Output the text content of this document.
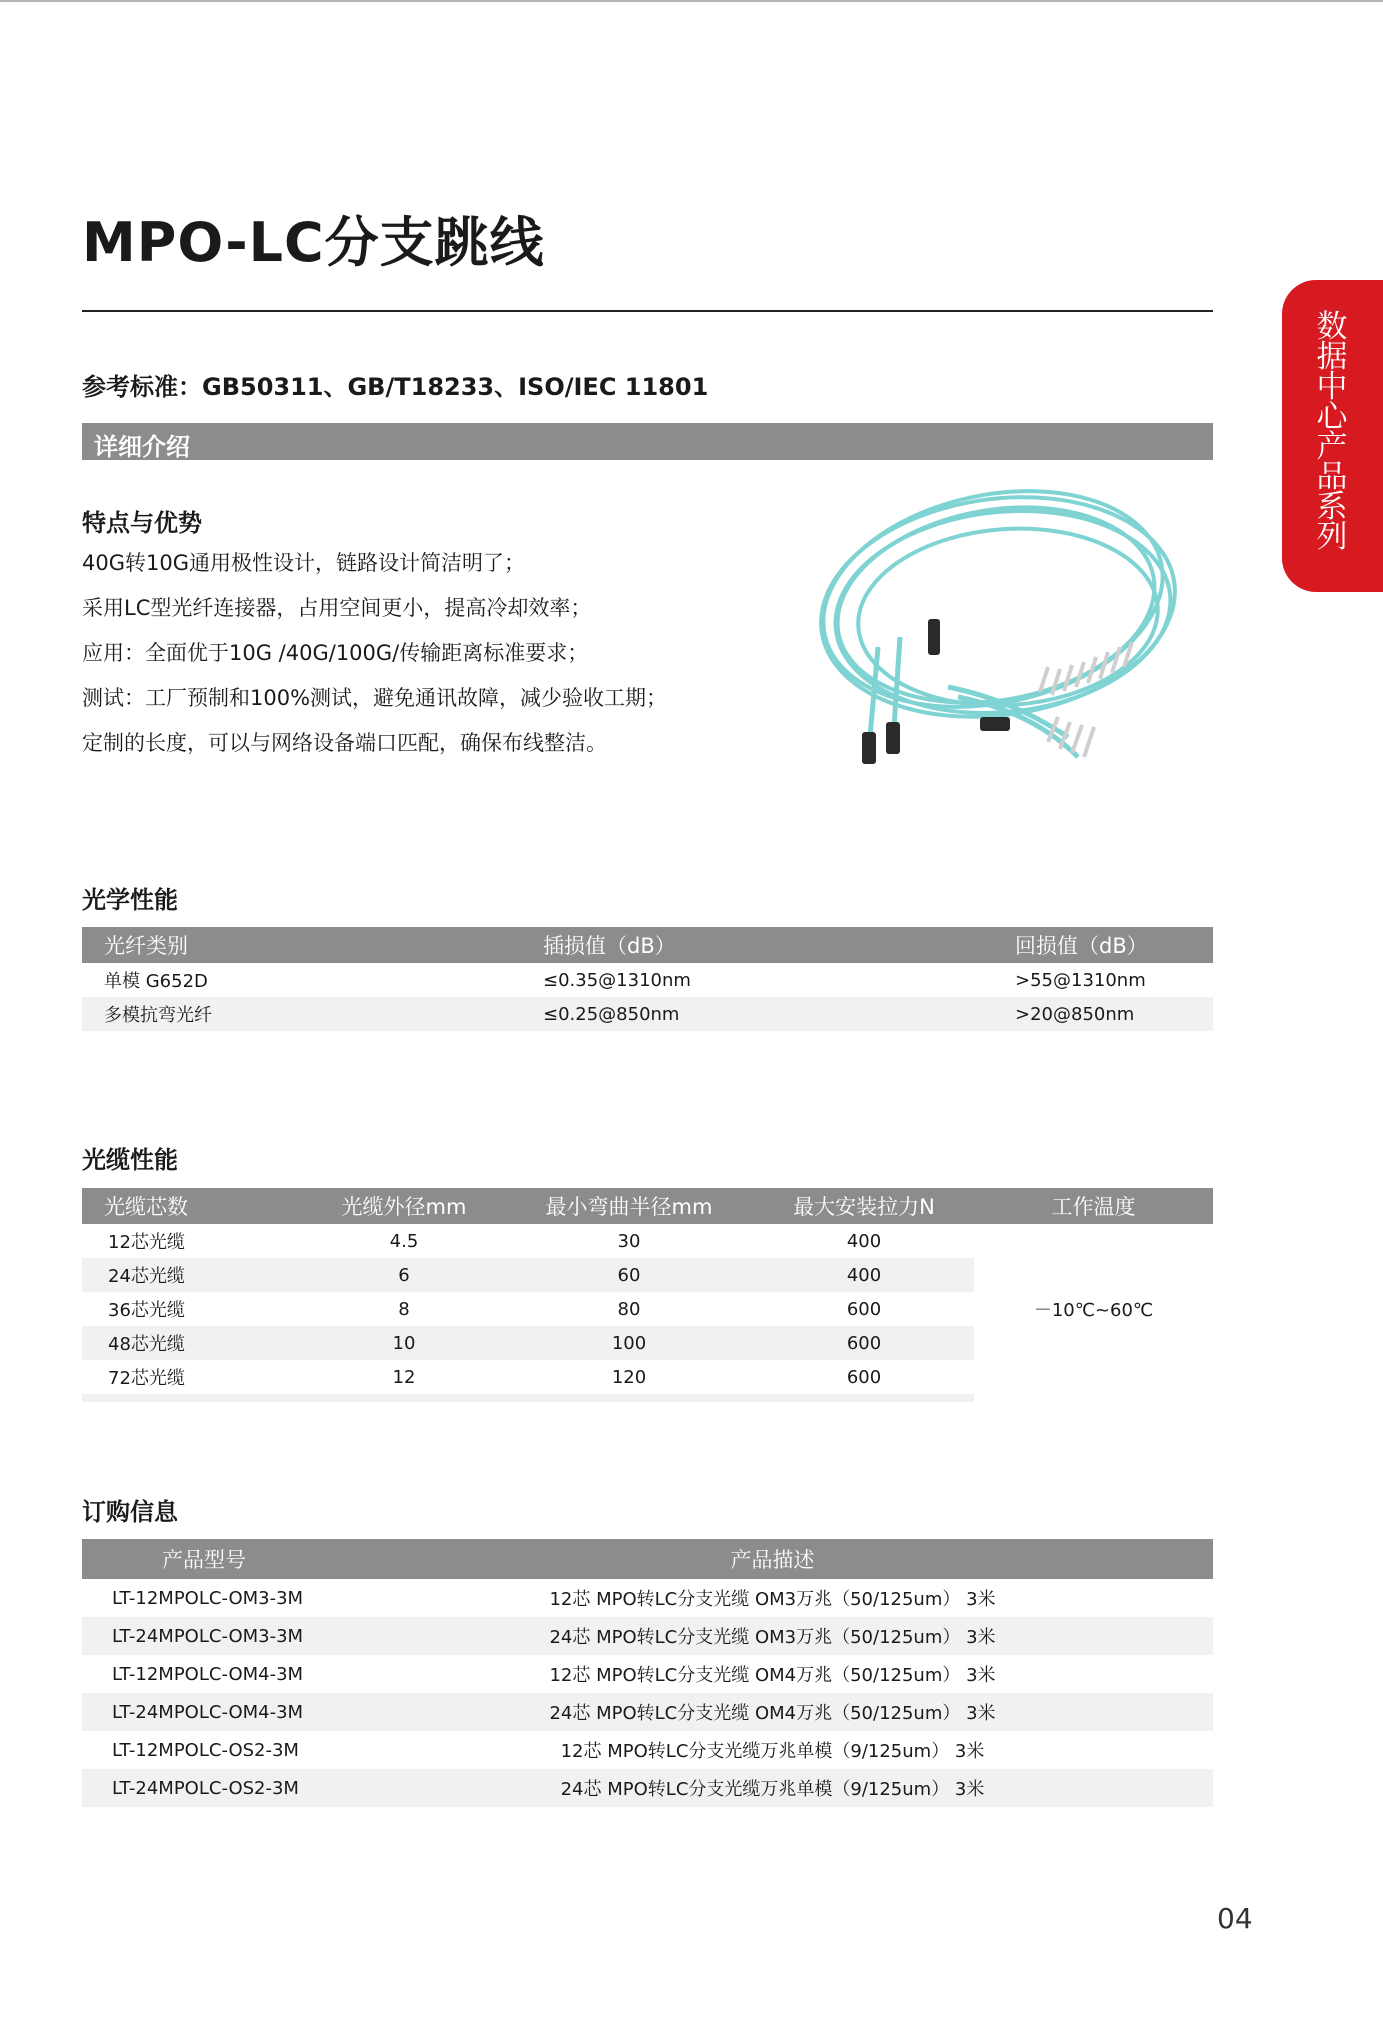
MPO-LC分支跳线
数据中心产品系列
参考标准：GB50311、GB/T18233、ISO/IEC 11801
详细介绍
特点与优势
40G转10G通用极性设计，链路设计简洁明了；
采用LC型光纤连接器，占用空间更小，提高冷却效率；
应用：全面优于10G /40G/100G/传输距离标准要求；
测试：工厂预制和100%测试，避免通讯故障，减少验收工期；
定制的长度，可以与网络设备端口匹配，确保布线整洁。
光学性能
光纤类别	插损值（dB）	回损值（dB）
单模 G652D	≤0.35@1310nm	>55@1310nm
多模抗弯光纤	≤0.25@850nm	>20@850nm
光缆性能
光缆芯数	光缆外径mm	最小弯曲半径mm	最大安装拉力N	工作温度
12芯光缆	4.5	30	400	－10℃~60℃
24芯光缆	6	60	400	
36芯光缆	8	80	600	
48芯光缆	10	100	600	
72芯光缆	12	120	600	

订购信息
产品型号	产品描述
LT-12MPOLC-OM3-3M	12芯 MPO转LC分支光缆 OM3万兆（50/125um） 3米
LT-24MPOLC-OM3-3M	24芯 MPO转LC分支光缆 OM3万兆（50/125um） 3米
LT-12MPOLC-OM4-3M	12芯 MPO转LC分支光缆 OM4万兆（50/125um） 3米
LT-24MPOLC-OM4-3M	24芯 MPO转LC分支光缆 OM4万兆（50/125um） 3米
LT-12MPOLC-OS2-3M	12芯 MPO转LC分支光缆万兆单模（9/125um） 3米
LT-24MPOLC-OS2-3M	24芯 MPO转LC分支光缆万兆单模（9/125um） 3米
04
